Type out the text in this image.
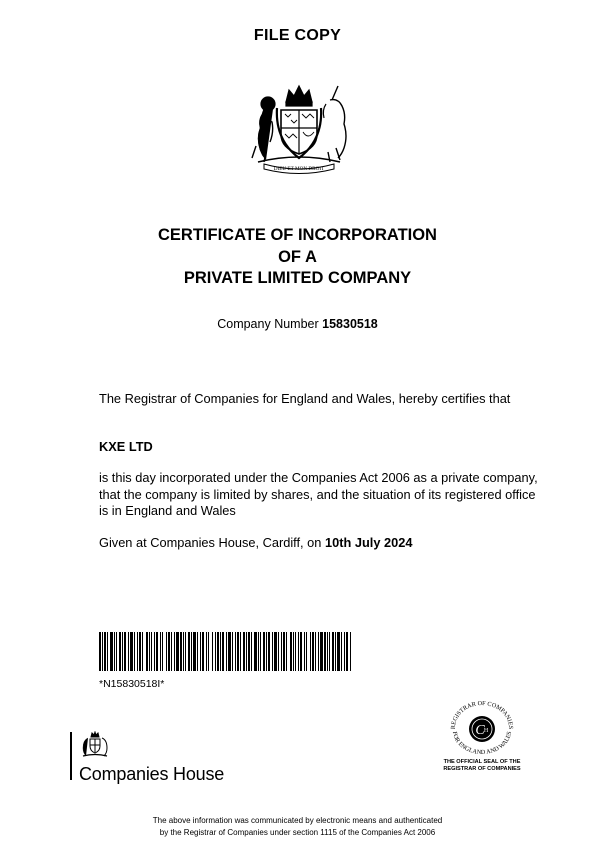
FILE COPY
DIEU ET MON DROIT
CERTIFICATE OF INCORPORATION
OF A
PRIVATE LIMITED COMPANY
Company Number 15830518
The Registrar of Companies for England and Wales, hereby certifies that
KXE LTD
is this day incorporated under the Companies Act 2006 as a private company, that the company is limited by shares, and the situation of its registered office is in England and Wales
Given at Companies House, Cardiff, on 10th July 2024
*N15830518I*
Companies House
REGISTRAR OF COMPANIES
FOR ENGLAND AND WALES
C H
THE OFFICIAL SEAL OF THE
REGISTRAR OF COMPANIES
The above information was communicated by electronic means and authenticated
by the Registrar of Companies under section 1115 of the Companies Act 2006
